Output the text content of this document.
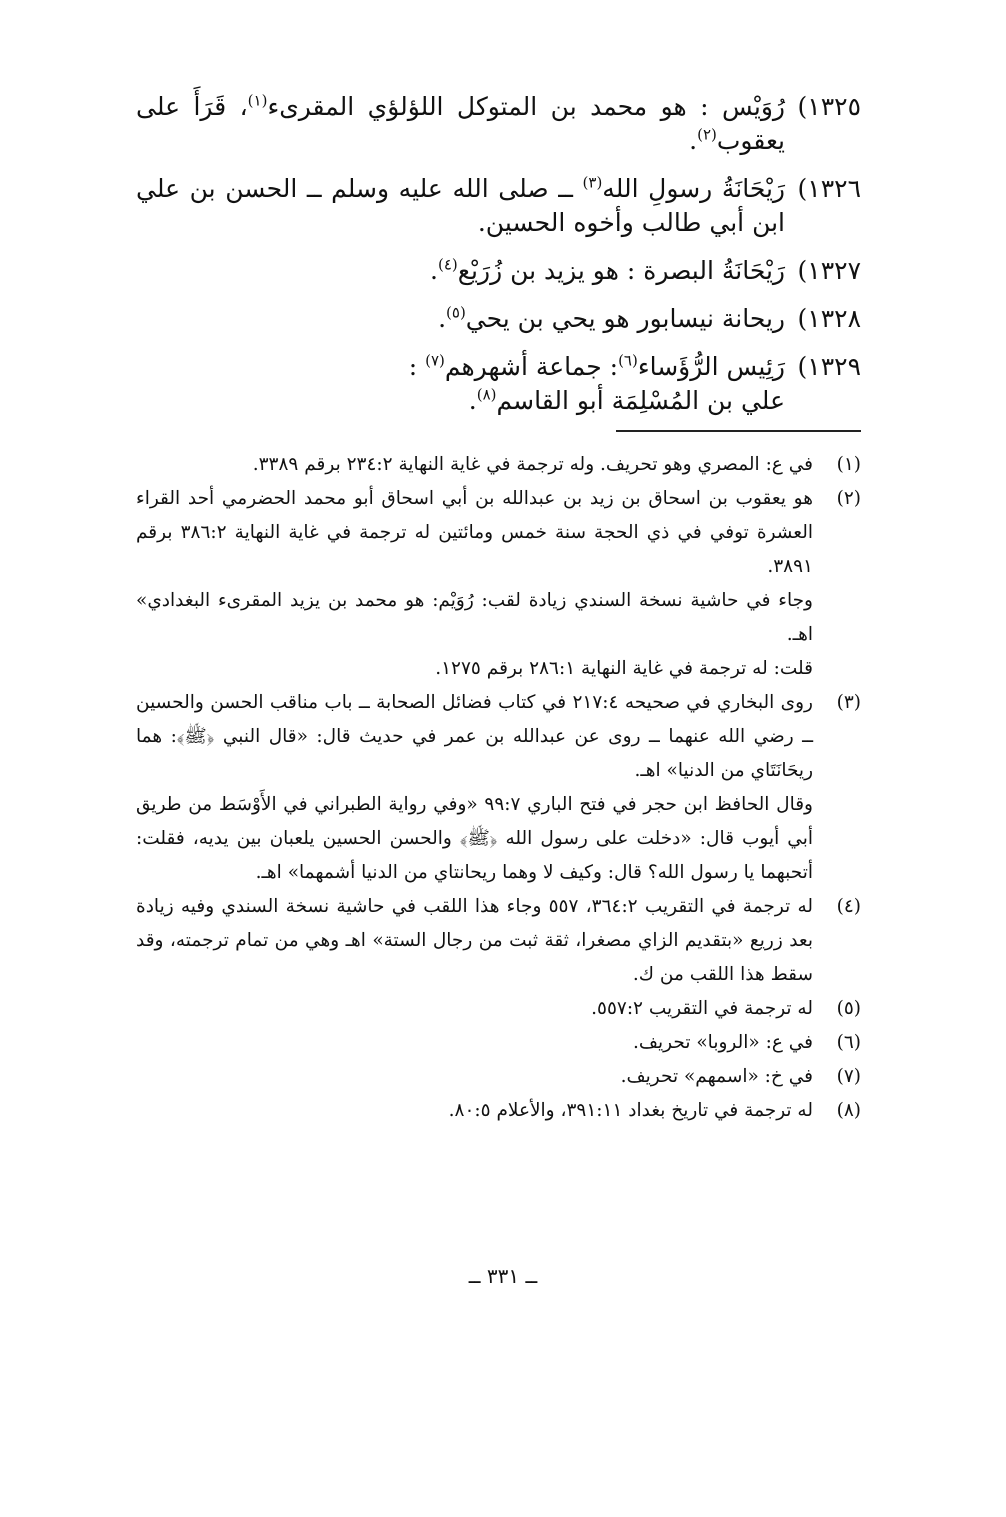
١٣٢٥)
رُوَيْس : هو محمد بن المتوكل اللؤلؤي المقرىء$^{(١)}$، قَرَأَ على يعقوب$^{(٢)}$.
١٣٢٦)
رَيْحَانَةُ رسولِ الله$^{(٣)}$ ــ صلى الله عليه وسلم ــ الحسن بن علي ابن أبي طالب وأخوه الحسين.
١٣٢٧)
رَيْحَانَةُ البصرة : هو يزيد بن زُرَيْع$^{(٤)}$.
١٣٢٨)
ريحانة نيسابور هو يحي بن يحي$^{(٥)}$.
١٣٢٩)
رَئِيس الرُّؤَساء$^{(٦)}$: جماعة أشهرهم$^{(٧)}$ :
علي بن المُسْلِمَة أبو القاسم$^{(٨)}$.
(١)

في ع: المصري وهو تحريف. وله ترجمة في غاية النهاية ٢٣٤:٢ برقم ٣٣٨٩.

(٢)

هو يعقوب بن اسحاق بن زيد بن عبدالله بن أبي اسحاق أبو محمد الحضرمي أحد القراء العشرة توفي في ذي الحجة سنة خمس ومائتين له ترجمة في غاية النهاية ٣٨٦:٢ برقم ٣٨٩١.

وجاء في حاشية نسخة السندي زيادة لقب: رُوَيْم: هو محمد بن يزيد المقرىء البغدادي» اهـ.

قلت: له ترجمة في غاية النهاية ٢٨٦:١ برقم ١٢٧٥.

(٣)

روى البخاري في صحيحه ٢١٧:٤ في كتاب فضائل الصحابة ــ باب مناقب الحسن والحسين ــ رضي الله عنهما ــ روى عن عبدالله بن عمر في حديث قال: «قال النبي ﴿ﷺ﴾: هما ريحَانَتَاي من الدنيا» اهـ.

وقال الحافظ ابن حجر في فتح الباري ٩٩:٧ «وفي رواية الطبراني في الأَوْسَط من طريق أبي أيوب قال: «دخلت على رسول الله ﴿ﷺ﴾ والحسن الحسين يلعبان بين يديه، فقلت: أتحبهما يا رسول الله؟ قال: وكيف لا وهما ريحانتاي من الدنيا أشمهما» اهـ.

(٤)

له ترجمة في التقريب ٣٦٤:٢، ٥٥٧ وجاء هذا اللقب في حاشية نسخة السندي وفيه زيادة بعد زريع «بتقديم الزاي مصغرا، ثقة ثبت من رجال الستة» اهـ وهي من تمام ترجمته، وقد سقط هذا اللقب من ك.

(٥)

له ترجمة في التقريب ٥٥٧:٢.

(٦)

في ع: «الروبا» تحريف.

(٧)

في خ: «اسمهم» تحريف.

(٨)

له ترجمة في تاريخ بغداد ٣٩١:١١، والأعلام ٨٠:٥.

ــ ٣٣١ ــ
